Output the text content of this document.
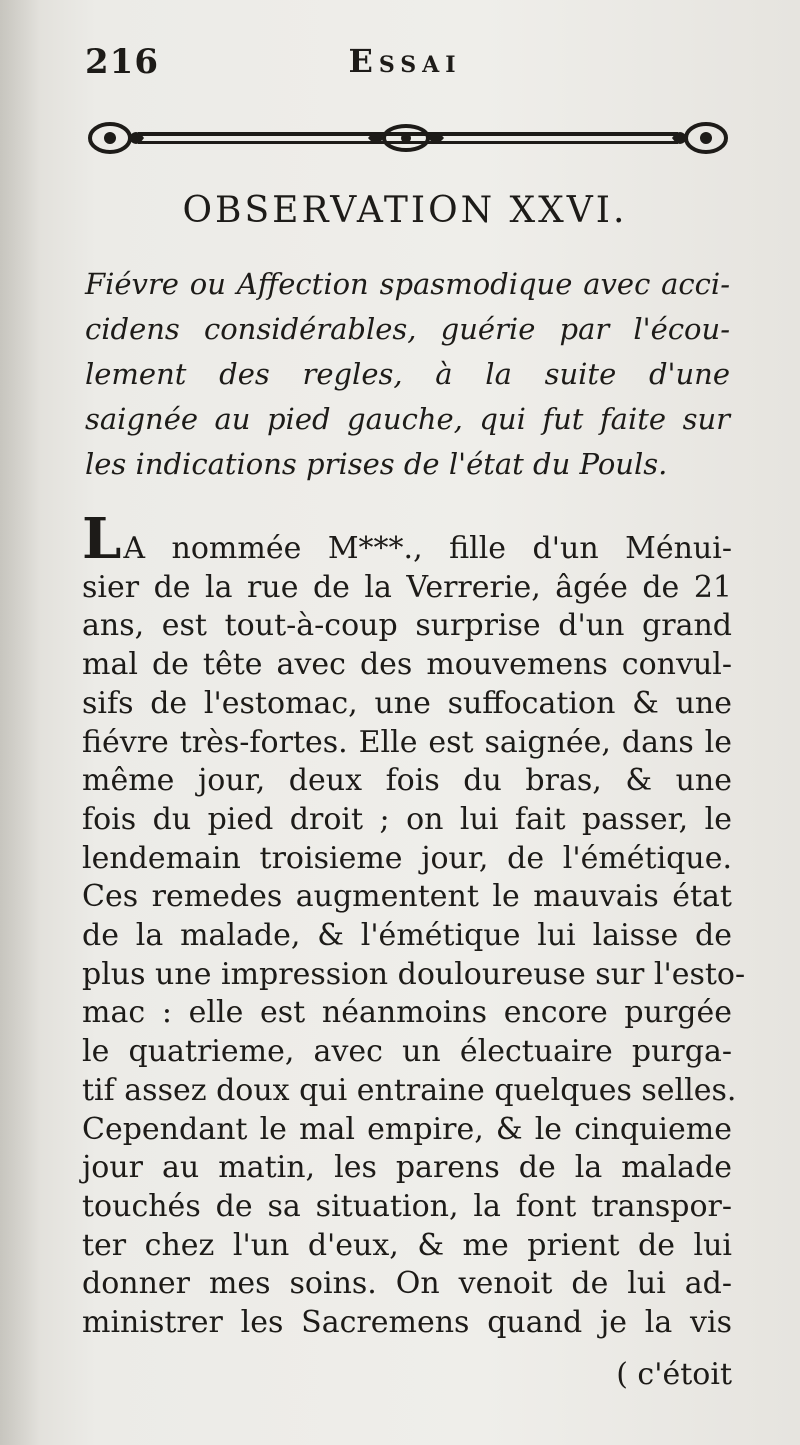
216	Essai
OBSERVATION XXVI.
Fiévre ou Affection spasmodique avec acci-
cidens considérables, guérie par l'écou-
lement des regles, à la suite d'une
saignée au pied gauche, qui fut faite sur
les indications prises de l'état du Pouls.
LA nommée M***., fille d'un Ménui-
sier de la rue de la Verrerie, âgée de 21
ans, est tout-à-coup surprise d'un grand
mal de tête avec des mouvemens convul-
sifs de l'estomac, une suffocation & une
fiévre très-fortes. Elle est saignée, dans le
même jour, deux fois du bras, & une
fois du pied droit ; on lui fait passer, le
lendemain troisieme jour, de l'émétique.
Ces remedes augmentent le mauvais état
de la malade, & l'émétique lui laisse de
plus une impression douloureuse sur l'esto-
mac : elle est néanmoins encore purgée
le quatrieme, avec un électuaire purga-
tif assez doux qui entraine quelques selles.
Cependant le mal empire, & le cinquieme
jour au matin, les parens de la malade
touchés de sa situation, la font transpor-
ter chez l'un d'eux, & me prient de lui
donner mes soins. On venoit de lui ad-
ministrer les Sacremens quand je la vis
( c'étoit
